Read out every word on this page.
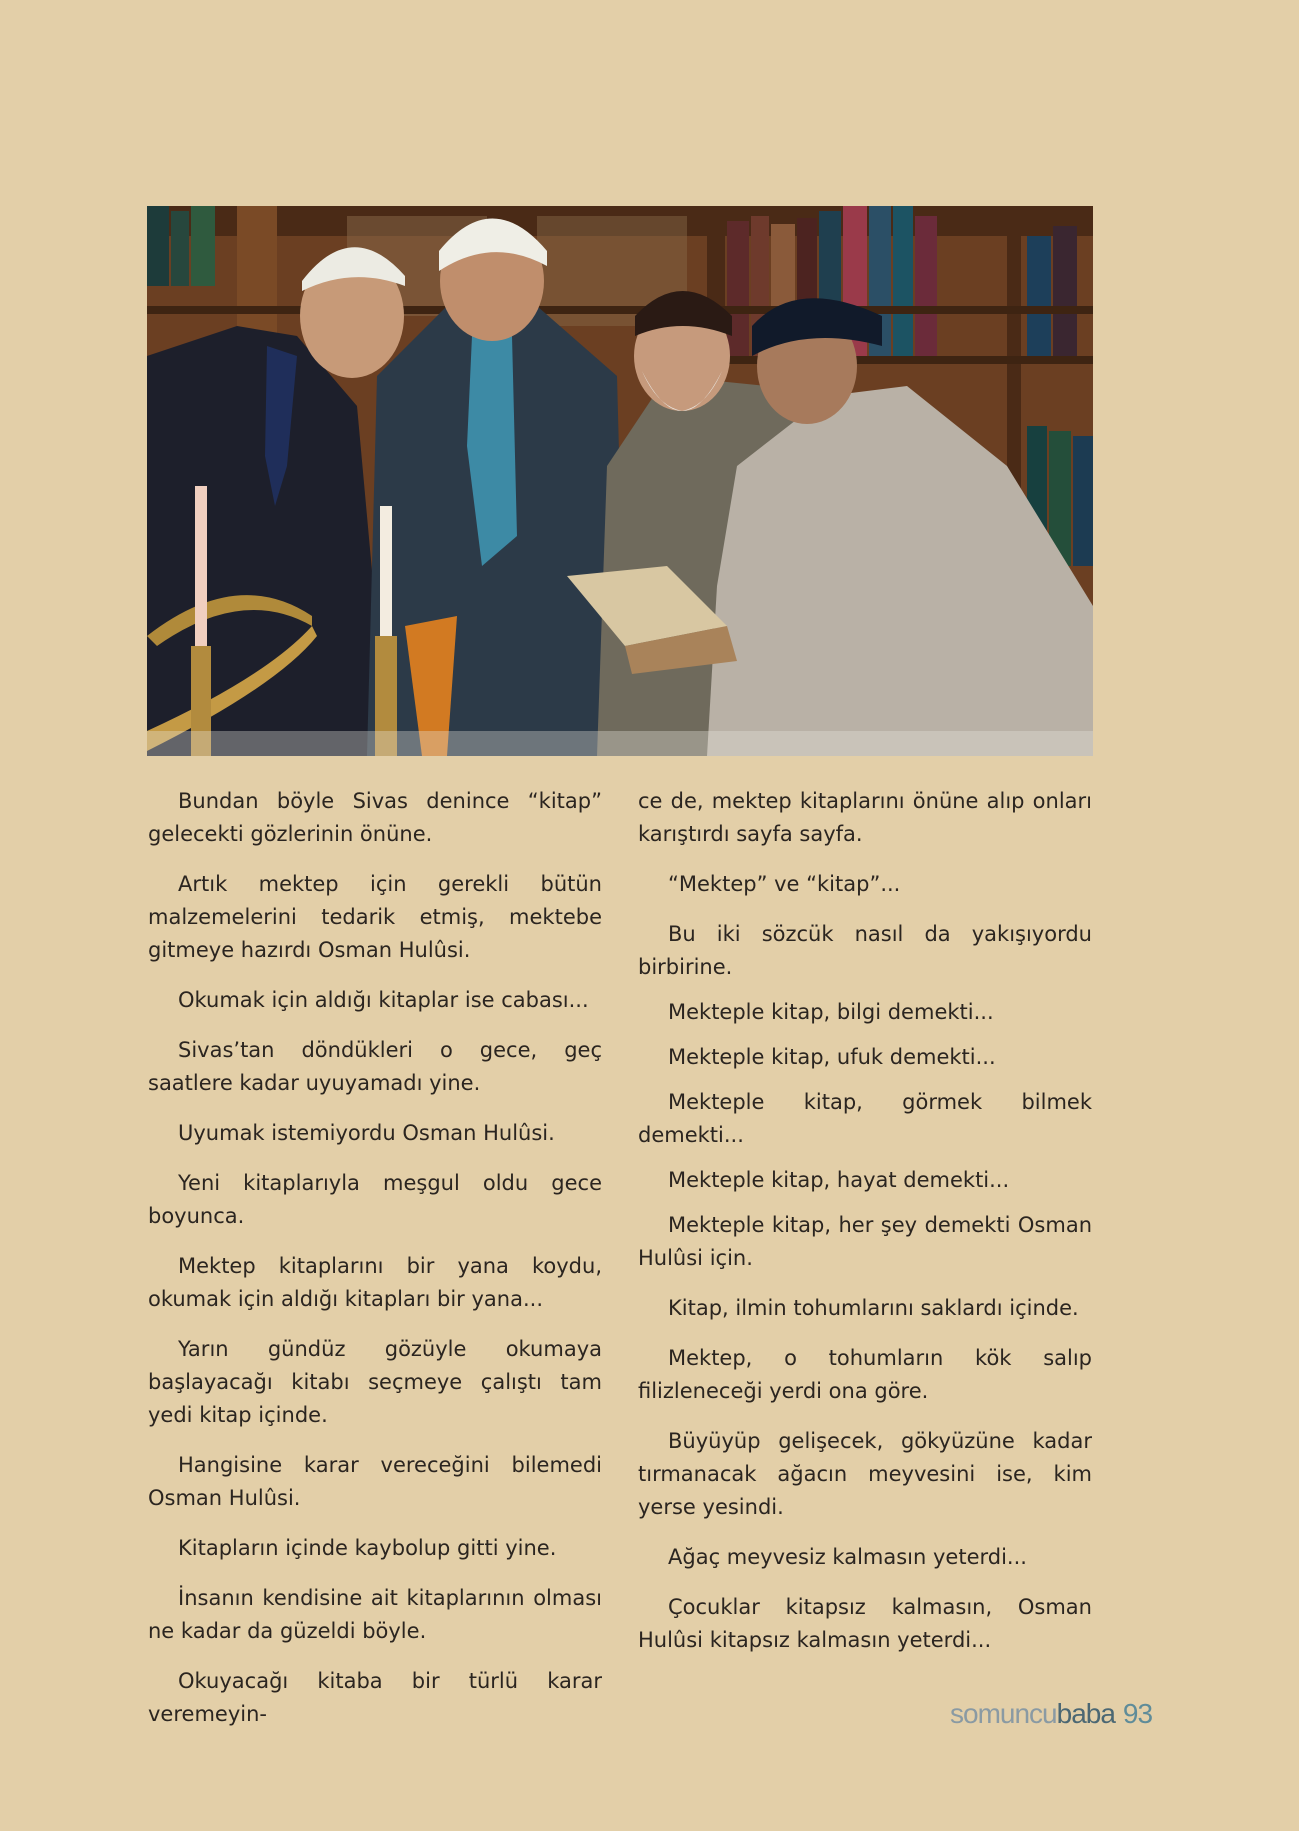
Bundan böyle Sivas denince “kitap” gelecekti gözlerinin önüne.

Artık mektep için gerekli bütün malzemelerini tedarik etmiş, mektebe gitmeye hazırdı Osman Hulûsi.

Okumak için aldığı kitaplar ise cabası...

Sivas’tan döndükleri o gece, geç saatlere kadar uyuyamadı yine.

Uyumak istemiyordu Osman Hulûsi.

Yeni kitaplarıyla meşgul oldu gece boyunca.

Mektep kitaplarını bir yana koydu, okumak için aldığı kitapları bir yana...

Yarın gündüz gözüyle okumaya başlayacağı kitabı seçmeye çalıştı tam yedi kitap içinde.

Hangisine karar vereceğini bilemedi Osman Hulûsi.

Kitapların içinde kaybolup gitti yine.

İnsanın kendisine ait kitaplarının olması ne kadar da güzeldi böyle.

Okuyacağı kitaba bir türlü karar veremeyin-

ce de, mektep kitaplarını önüne alıp onları karıştırdı sayfa sayfa.

“Mektep” ve “kitap”...

Bu iki sözcük nasıl da yakışıyordu birbirine.

Mekteple kitap, bilgi demekti...

Mekteple kitap, ufuk demekti...

Mekteple kitap, görmek bilmek demekti...

Mekteple kitap, hayat demekti...

Mekteple kitap, her şey demekti Osman Hulûsi için.

Kitap, ilmin tohumlarını saklardı içinde.

Mektep, o tohumların kök salıp filizleneceği yerdi ona göre.

Büyüyüp gelişecek, gökyüzüne kadar tırmanacak ağacın meyvesini ise, kim yerse yesindi.

Ağaç meyvesiz kalmasın yeterdi...

Çocuklar kitapsız kalmasın, Osman Hulûsi kitapsız kalmasın yeterdi...

somuncubaba 93
